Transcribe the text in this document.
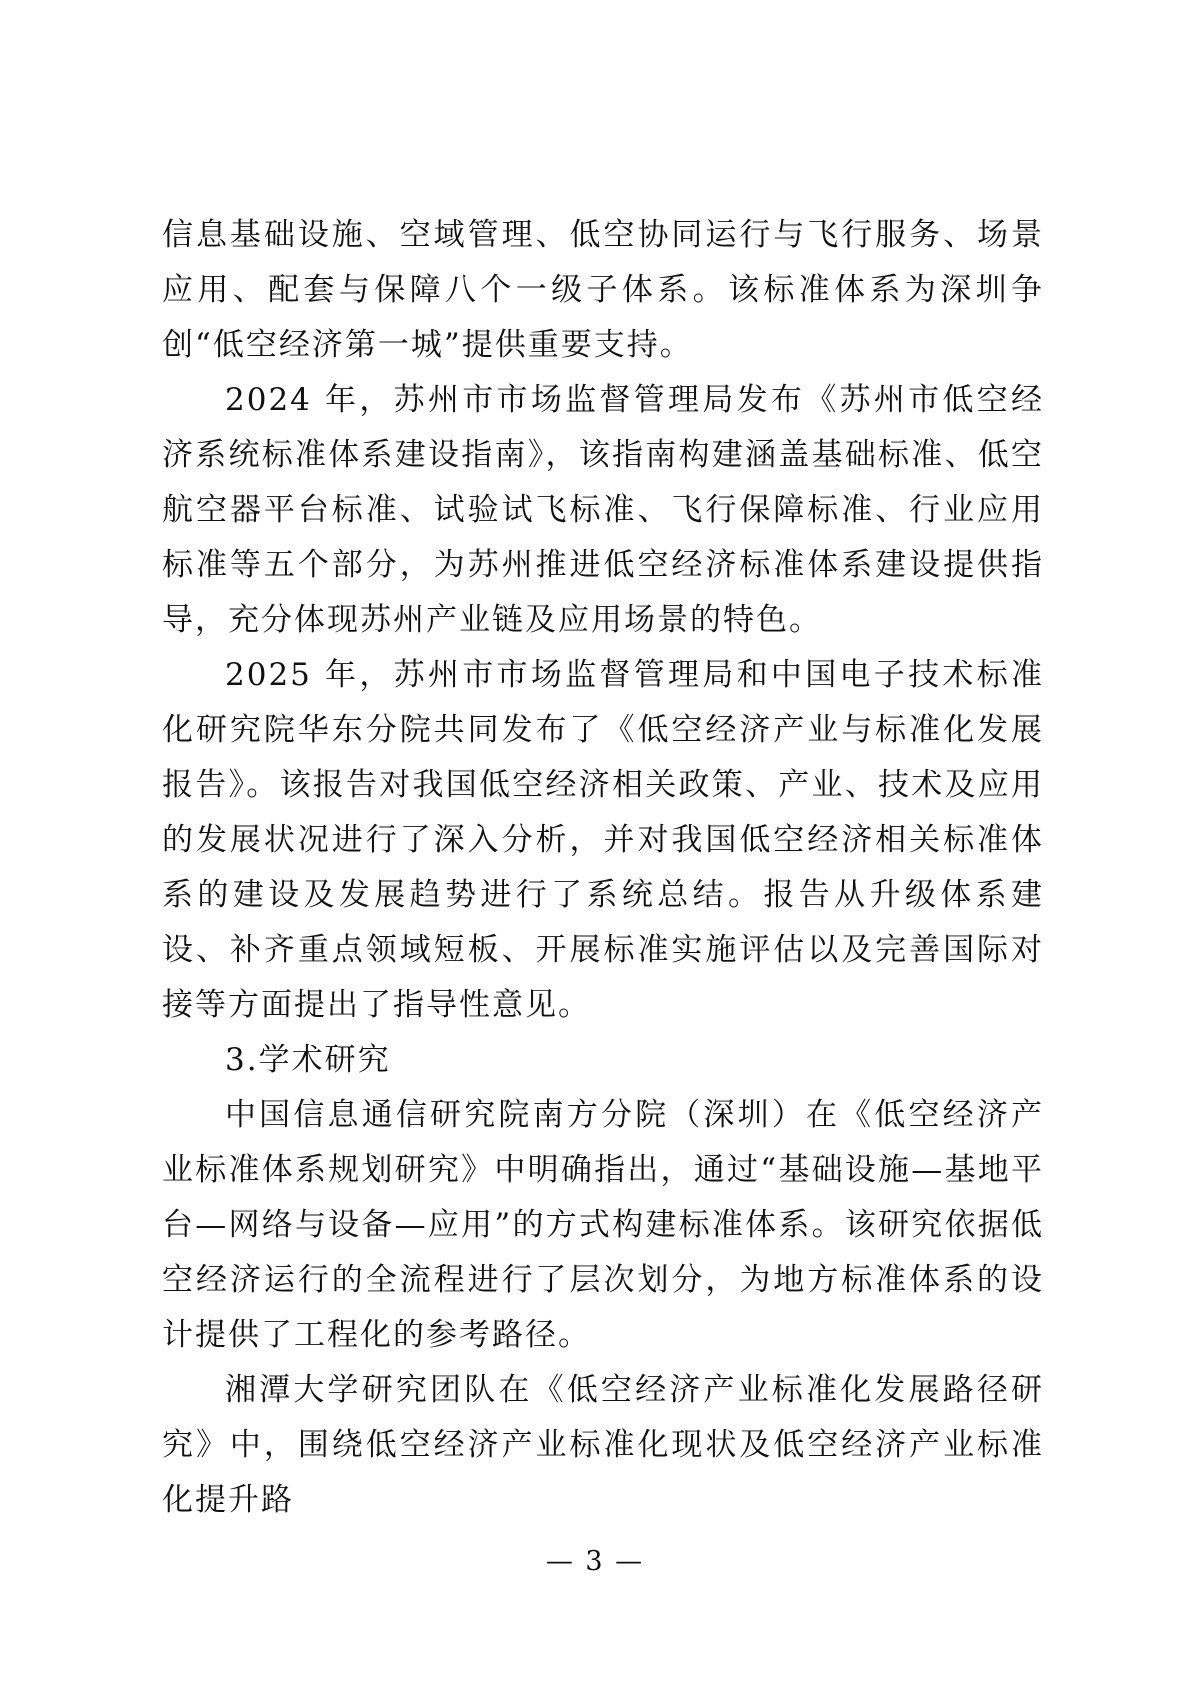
信息基础设施、空域管理、低空协同运行与飞行服务、场景应用、配套与保障八个一级子体系。该标准体系为深圳争创“低空经济第一城”提供重要支持。

2024 年，苏州市市场监督管理局发布《苏州市低空经济系统标准体系建设指南》，该指南构建涵盖基础标准、低空航空器平台标准、试验试飞标准、飞行保障标准、行业应用标准等五个部分，为苏州推进低空经济标准体系建设提供指导，充分体现苏州产业链及应用场景的特色。

2025 年，苏州市市场监督管理局和中国电子技术标准化研究院华东分院共同发布了《低空经济产业与标准化发展报告》。该报告对我国低空经济相关政策、产业、技术及应用的发展状况进行了深入分析，并对我国低空经济相关标准体系的建设及发展趋势进行了系统总结。报告从升级体系建设、补齐重点领域短板、开展标准实施评估以及完善国际对接等方面提出了指导性意见。

3.学术研究

中国信息通信研究院南方分院（深圳）在《低空经济产业标准体系规划研究》中明确指出，通过“基础设施—基地平台—网络与设备—应用”的方式构建标准体系。该研究依据低空经济运行的全流程进行了层次划分，为地方标准体系的设计提供了工程化的参考路径。

湘潭大学研究团队在《低空经济产业标准化发展路径研究》中，围绕低空经济产业标准化现状及低空经济产业标准化提升路

— 3 —
